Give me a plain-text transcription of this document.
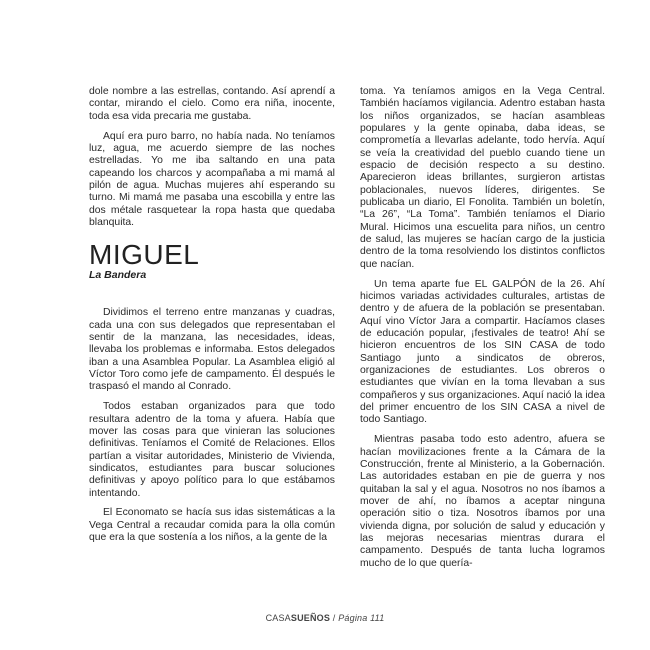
dole nombre a las estrellas, contando. Así aprendí a contar, mirando el cielo. Como era niña, inocente, toda esa vida precaria me gustaba.

Aquí era puro barro, no había nada. No teníamos luz, agua, me acuerdo siempre de las noches estrelladas. Yo me iba saltando en una pata capeando los charcos y acompañaba a mi mamá al pilón de agua. Muchas mujeres ahí esperando su turno. Mi mamá me pasaba una escobilla y entre las dos métale rasquetear la ropa hasta que quedaba blanquita.

MIGUEL
La Bandera

Dividimos el terreno entre manzanas y cuadras, cada una con sus delegados que representaban el sentir de la manzana, las necesidades, ideas, llevaba los problemas e informaba. Estos delegados iban a una Asamblea Popular. La Asamblea eligió al Víctor Toro como jefe de campamento. Él después le traspasó el mando al Conrado.

Todos estaban organizados para que todo resultara adentro de la toma y afuera. Había que mover las cosas para que vinieran las soluciones definitivas. Teníamos el Comité de Relaciones. Ellos partían a visitar autoridades, Ministerio de Vivienda, sindicatos, estudiantes para buscar soluciones definitivas y apoyo político para lo que estábamos intentando.

El Economato se hacía sus idas sistemáticas a la Vega Central a recaudar comida para la olla común que era la que sostenía a los niños, a la gente de la

toma. Ya teníamos amigos en la Vega Central. También hacíamos vigilancia. Adentro estaban hasta los niños organizados, se hacían asambleas populares y la gente opinaba, daba ideas, se comprometía a llevarlas adelante, todo hervía. Aquí se veía la creatividad del pueblo cuando tiene un espacio de decisión respecto a su destino. Aparecieron ideas brillantes, surgieron artistas poblacionales, nuevos líderes, dirigentes. Se publicaba un diario, El Fonolita. También un boletín, “La 26”, “La Toma”. También teníamos el Diario Mural. Hicimos una escuelita para niños, un centro de salud, las mujeres se hacían cargo de la justicia dentro de la toma resolviendo los distintos conflictos que nacían.

Un tema aparte fue EL GALPÓN de la 26. Ahí hicimos variadas actividades culturales, artistas de dentro y de afuera de la población se presentaban. Aquí vino Víctor Jara a compartir. Hacíamos clases de educación popular, ¡festivales de teatro! Ahí se hicieron encuentros de los SIN CASA de todo Santiago junto a sindicatos de obreros, organizaciones de estudiantes. Los obreros o estudiantes que vivían en la toma llevaban a sus compañeros y sus organizaciones. Aquí nació la idea del primer encuentro de los SIN CASA a nivel de todo Santiago.

Mientras pasaba todo esto adentro, afuera se hacían movilizaciones frente a la Cámara de la Construcción, frente al Ministerio, a la Gobernación. Las autoridades estaban en pie de guerra y nos quitaban la sal y el agua. Nosotros no nos íbamos a mover de ahí, no íbamos a aceptar ninguna operación sitio o tiza. Nosotros íbamos por una vivienda digna, por solución de salud y educación y las mejoras necesarias mientras durara el campamento. Después de tanta lucha logramos mucho de lo que quería-

CASASUEÑOS / Página 111
